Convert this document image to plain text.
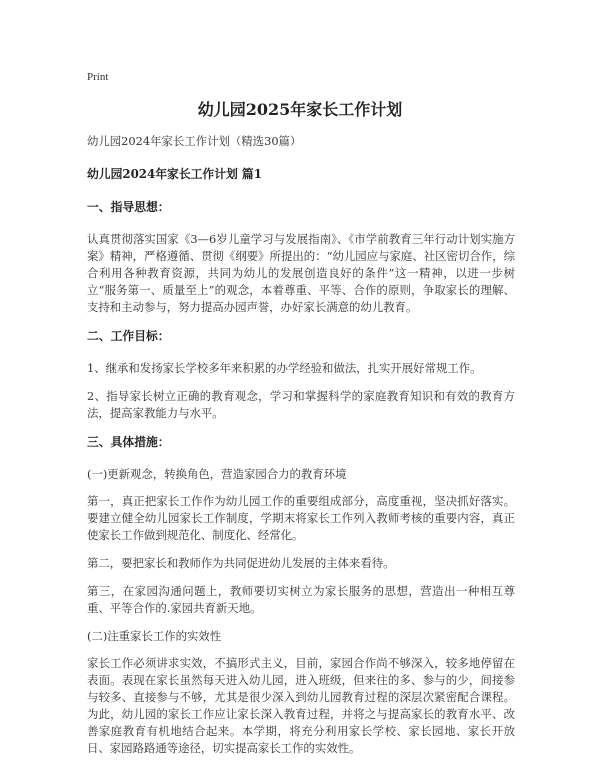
Print
幼儿园2025年家长工作计划
幼儿园2024年家长工作计划（精选30篇）
幼儿园2024年家长工作计划 篇1
一、指导思想：

认真贯彻落实国家《3—6岁儿童学习与发展指南》、《市学前教育三年行动计划实施方案》精神，严格遵循、贯彻《纲要》所提出的：“幼儿园应与家庭、社区密切合作，综合利用各种教育资源，共同为幼儿的发展创造良好的条件”这一精神，以进一步树立“服务第一、质量至上”的观念，本着尊重、平等、合作的原则，争取家长的理解、支持和主动参与，努力提高办园声誉，办好家长满意的幼儿教育。

二、工作目标：

1、继承和发扬家长学校多年来积累的办学经验和做法，扎实开展好常规工作。

2、指导家长树立正确的教育观念，学习和掌握科学的家庭教育知识和有效的教育方法，提高家教能力与水平。

三、具体措施：
(一)更新观念，转换角色，营造家园合力的教育环境

第一，真正把家长工作作为幼儿园工作的重要组成部分，高度重视，坚决抓好落实。要建立健全幼儿园家长工作制度，学期末将家长工作列入教师考核的重要内容，真正使家长工作做到规范化、制度化、经常化。

第二，要把家长和教师作为共同促进幼儿发展的主体来看待。

第三，在家园沟通问题上，教师要切实树立为家长服务的思想，营造出一种相互尊重、平等合作的.家园共育新天地。

(二)注重家长工作的实效性

家长工作必须讲求实效，不搞形式主义，目前，家园合作尚不够深入，较多地停留在表面。表现在家长虽然每天进入幼儿园，进入班级，但来往的多、参与的少，间接参与较多、直接参与不够，尤其是很少深入到幼儿园教育过程的深层次紧密配合课程。为此，幼儿园的家长工作应让家长深入教育过程，并将之与提高家长的教育水平、改善家庭教育有机地结合起来。本学期，将充分利用家长学校、家长园地、家长开放日、家园路路通等途径，切实提高家长工作的实效性。
